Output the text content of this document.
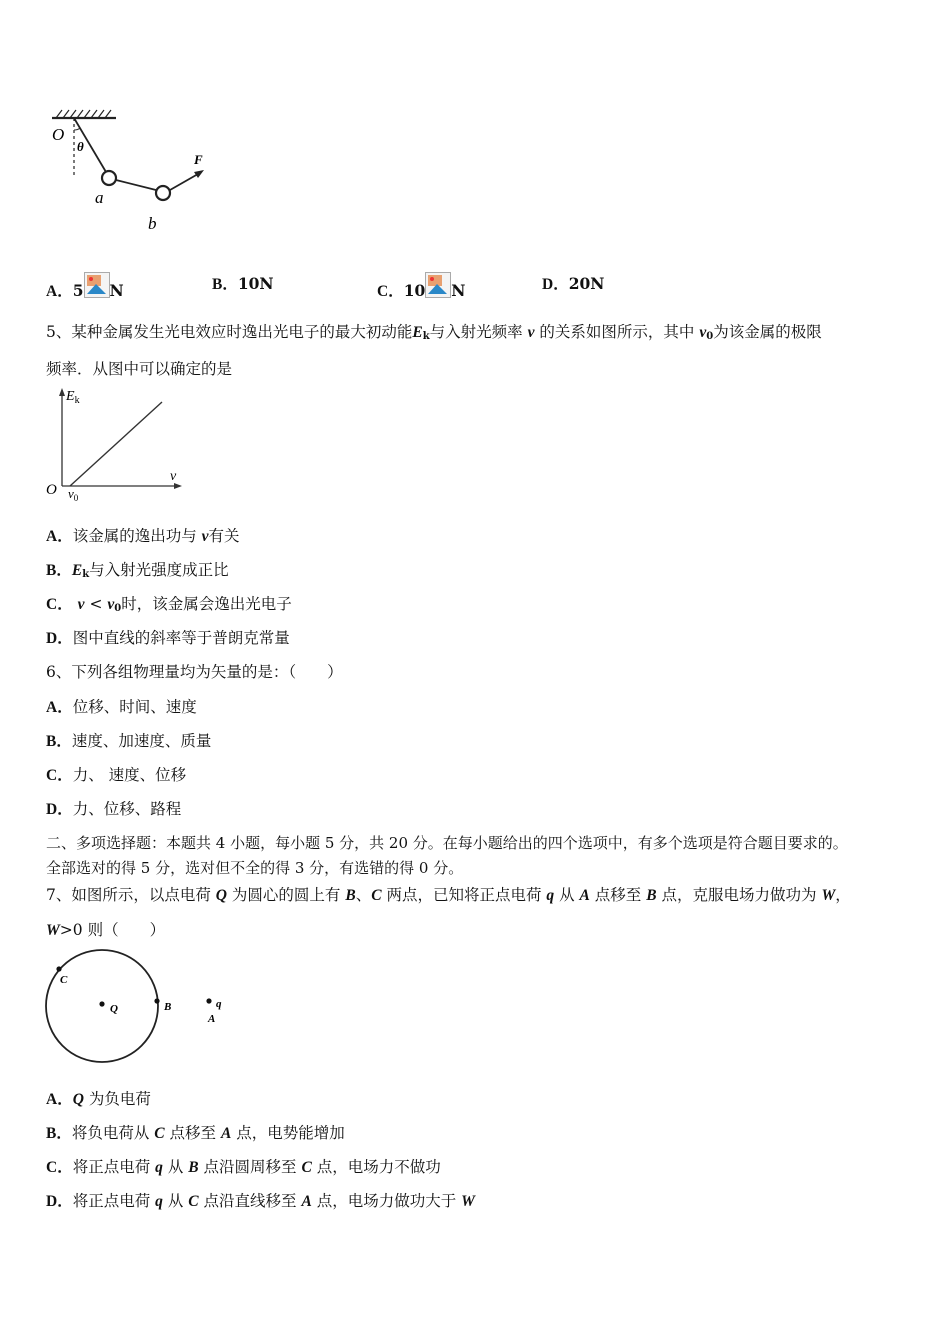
O
θ
a
b
F
A．5 N	B．10N	C．10 N	D．20N
5、某种金属发生光电效应时逸出光电子的最大初动能$E_k$与入射光频率 ν 的关系如图所示，其中 $\nu_0$为该金属的极限
频率．从图中可以确定的是
$E_k$
ν
O $\nu_0$
A．该金属的逸出功与 ν有关
B．$E_k$与入射光强度成正比
C． $\nu < \nu_0$时，该金属会逸出光电子
D．图中直线的斜率等于普朗克常量
6、下列各组物理量均为矢量的是：（　　）
A．位移、时间、速度
B．速度、加速度、质量
C．力、 速度、位移
D．力、位移、路程
二、多项选择题：本题共 4 小题，每小题 5 分，共 20 分。在每小题给出的四个选项中，有多个选项是符合题目要求的。
全部选对的得 5 分，选对但不全的得 3 分，有选错的得 0 分。
7、如图所示，以点电荷 Q 为圆心的圆上有 B、C 两点，已知将正点电荷 q 从 A 点移至 B 点，克服电场力做功为 W，
W>0 则（　　）
C
Q	B	q
A
A．Q 为负电荷
B．将负电荷从 C 点移至 A 点，电势能增加
C．将正点电荷 q 从 B 点沿圆周移至 C 点，电场力不做功
D．将正点电荷 q 从 C 点沿直线移至 A 点，电场力做功大于 W
